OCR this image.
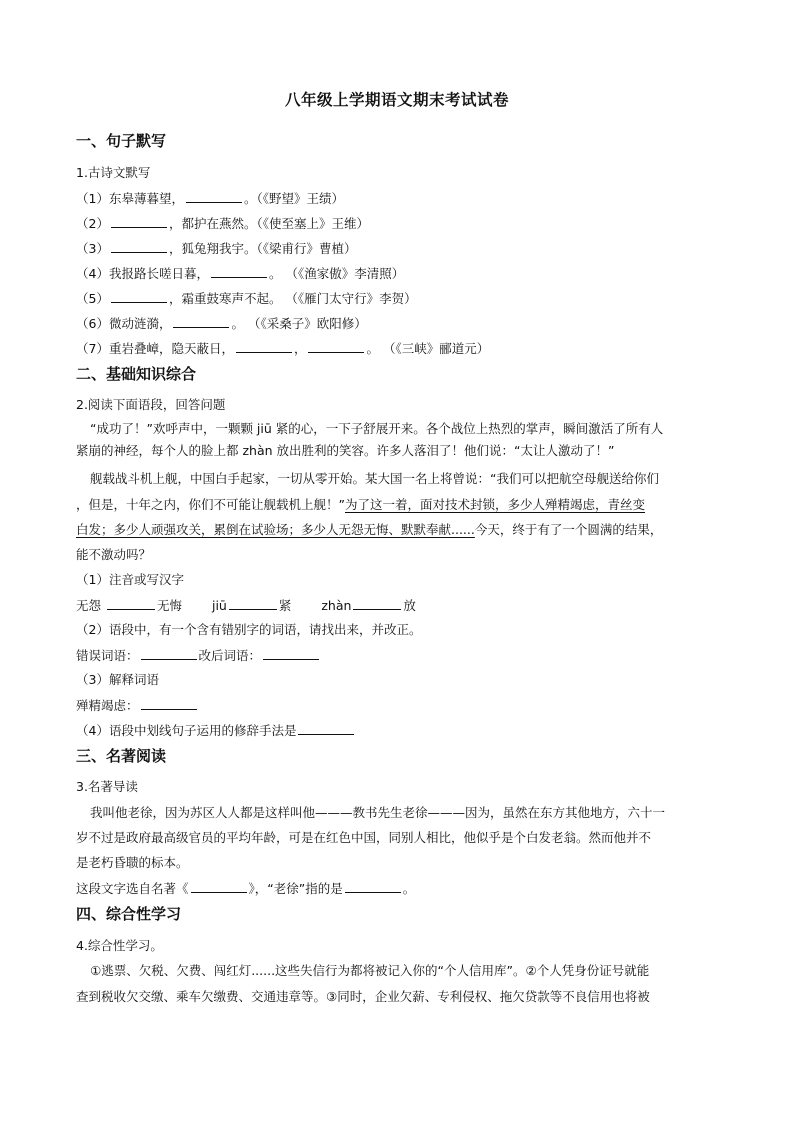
八年级上学期语文期末考试试卷
一、句子默写
1.古诗文默写
（1）东皋薄暮望，	。（《野望》王绩）
（2）	，都护在燕然。（《使至塞上》王维）
（3）	，狐兔翔我宇。（《梁甫行》曹植）
（4）我报路长嗟日暮，	。 （《渔家傲》李清照）
（5）	，霜重鼓寒声不起。 （《雁门太守行》李贺）
（6）微动涟漪，	。 （《采桑子》欧阳修）
（7）重岩叠嶂，隐天蔽日，	，	。 （《三峡》郦道元）
二、基础知识综合
2.阅读下面语段，回答问题
“成功了！”欢呼声中，一颗颗 jiū 紧的心，一下子舒展开来。各个战位上热烈的掌声，瞬间激活了所有人
紧崩的神经，每个人的脸上都 zhàn 放出胜利的笑容。许多人落泪了！他们说：“太让人激动了！”
舰载战斗机上舰，中国白手起家，一切从零开始。某大国一名上将曾说：“我们可以把航空母舰送给你们
，但是，十年之内，你们不可能让舰载机上舰！”为了这一着，面对技术封锁，多少人殚精竭虑，青丝变
白发；多少人顽强攻关，累倒在试验场；多少人无怨无悔、默默奉献......今天，终于有了一个圆满的结果，
能不激动吗？
（1）注音或写汉字
无怨	无悔 jiū	紧 zhàn	放
（2）语段中，有一个含有错别字的词语，请找出来，并改正。
错误词语：	改后词语：
（3）解释词语
殚精竭虑：
（4）语段中划线句子运用的修辞手法是
三、名著阅读
3.名著导读
我叫他老徐，因为苏区人人都是这样叫他———教书先生老徐———因为，虽然在东方其他地方，六十一
岁不过是政府最高级官员的平均年龄，可是在红色中国，同别人相比，他似乎是个白发老翁。然而他并不
是老朽昏聩的标本。
这段文字选自名著《	》，“老徐”指的是	。
四、综合性学习
4.综合性学习。
①逃票、欠税、欠费、闯红灯......这些失信行为都将被记入你的“个人信用库”。②个人凭身份证号就能
查到税收欠交缴、乘车欠缴费、交通违章等。③同时，企业欠薪、专利侵权、拖欠贷款等不良信用也将被
